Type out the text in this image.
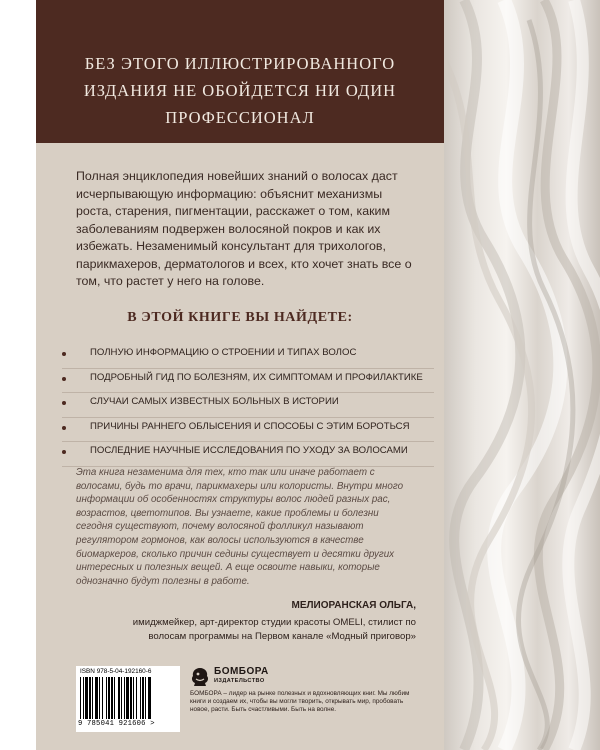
БЕЗ ЭТОГО ИЛЛЮСТРИРОВАННОГО ИЗДАНИЯ НЕ ОБОЙДЕТСЯ НИ ОДИН ПРОФЕССИОНАЛ

Полная энциклопедия новейших знаний о волосах даст исчерпывающую информацию: объяснит механизмы роста, старения, пигментации, расскажет о том, каким заболеваниям подвержен волосяной покров и как их избежать. Незаменимый консультант для трихологов, парикмахеров, дерматологов и всех, кто хочет знать все о том, что растет у него на голове.

В ЭТОЙ КНИГЕ ВЫ НАЙДЕТЕ:

ПОЛНУЮ ИНФОРМАЦИЮ О СТРОЕНИИ И ТИПАХ ВОЛОС
ПОДРОБНЫЙ ГИД ПО БОЛЕЗНЯМ, ИХ СИМПТОМАМ И ПРОФИЛАКТИКЕ
СЛУЧАИ САМЫХ ИЗВЕСТНЫХ БОЛЬНЫХ В ИСТОРИИ
ПРИЧИНЫ РАННЕГО ОБЛЫСЕНИЯ И СПОСОБЫ С ЭТИМ БОРОТЬСЯ
ПОСЛЕДНИЕ НАУЧНЫЕ ИССЛЕДОВАНИЯ ПО УХОДУ ЗА ВОЛОСАМИ

Эта книга незаменима для тех, кто так или иначе работает с волосами, будь то врачи, парикмахеры или колористы. Внутри много информации об особенностях структуры волос людей разных рас, возрастов, цветотипов. Вы узнаете, какие проблемы и болезни сегодня существуют, почему волосяной фолликул называют регулятором гормонов, как волосы используются в качестве биомаркеров, сколько причин седины существует и десятки других интересных и полезных вещей. А еще освоите навыки, которые однозначно будут полезны в работе.

МЕЛИОРАНСКАЯ ОЛЬГА,

имиджмейкер, арт-директор студии красоты OMELI, стилист по волосам программы на Первом канале «Модный приговор»

ISBN 978-5-04-192160-6
9 785041 921606 >

БОМБОРА

ИЗДАТЕЛЬСТВО

БОМБОРА – лидер на рынке полезных и вдохновляющих книг. Мы любим книги и создаем их, чтобы вы могли творить, открывать мир, пробовать новое, расти. Быть счастливыми. Быть на волне.
